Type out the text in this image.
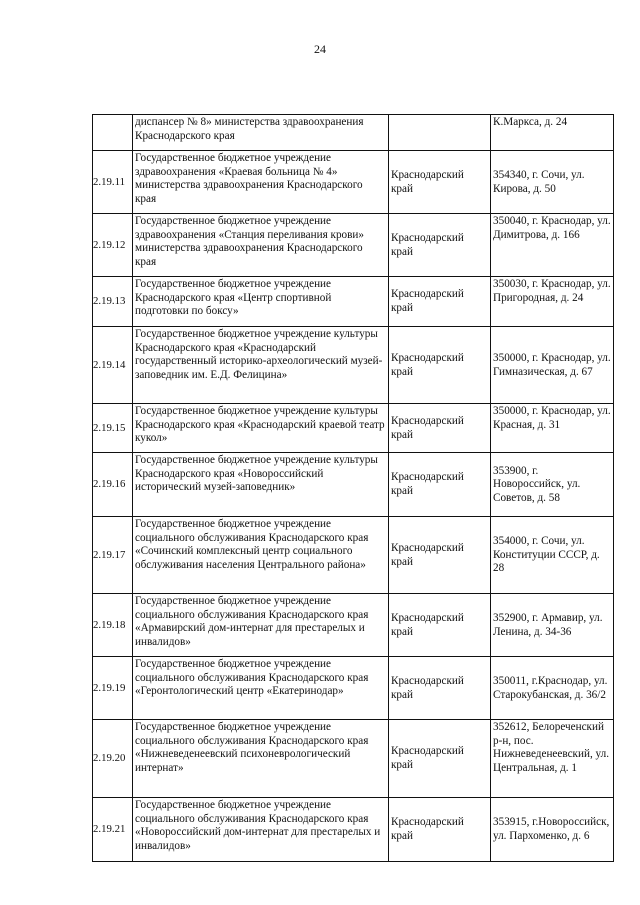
24
	диспансер № 8» министерства здравоохранения Краснодарского края		К.Маркса, д. 24
2.19.11	Государственное бюджетное учреждение здравоохранения «Краевая больница № 4» министерства здравоохранения Краснодарского края	Краснодарский край	354340, г. Сочи, ул. Кирова, д. 50
2.19.12	Государственное бюджетное учреждение здравоохранения «Станция переливания крови» министерства здравоохранения Краснодарского края	Краснодарский край	350040, г. Краснодар, ул. Димитрова, д. 166
2.19.13	Государственное бюджетное учреждение Краснодарского края «Центр спортивной подготовки по боксу»	Краснодарский край	350030, г. Краснодар, ул. Пригородная, д. 24
2.19.14	Государственное бюджетное учреждение культуры Краснодарского края «Краснодарский государственный историко-археологический музей-заповедник им. Е.Д. Фелицина»	Краснодарский край	350000, г. Краснодар, ул. Гимназическая, д. 67
2.19.15	Государственное бюджетное учреждение культуры Краснодарского края «Краснодарский краевой театр кукол»	Краснодарский край	350000, г. Краснодар, ул. Красная, д. 31
2.19.16	Государственное бюджетное учреждение культуры Краснодарского края «Новороссийский исторический музей-заповедник»	Краснодарский край	353900, г. Новороссийск, ул. Советов, д. 58
2.19.17	Государственное бюджетное учреждение социального обслуживания Краснодарского края «Сочинский комплексный центр социального обслуживания населения Центрального района»	Краснодарский край	354000, г. Сочи, ул. Конституции СССР, д. 28
2.19.18	Государственное бюджетное учреждение социального обслуживания Краснодарского края «Армавирский дом-интернат для престарелых и инвалидов»	Краснодарский край	352900, г. Армавир, ул. Ленина, д. 34-36
2.19.19	Государственное бюджетное учреждение социального обслуживания Краснодарского края «Геронтологический центр «Екатеринодар»	Краснодарский край	350011, г.Краснодар, ул. Старокубанская, д. 36/2
2.19.20	Государственное бюджетное учреждение социального обслуживания Краснодарского края «Нижневеденеевский психоневрологический интернат»	Краснодарский край	352612, Белореченский р-н, пос. Нижневеденеевский, ул. Центральная, д. 1
2.19.21	Государственное бюджетное учреждение социального обслуживания Краснодарского края «Новороссийский дом-интернат для престарелых и инвалидов»	Краснодарский край	353915, г.Новороссийск, ул. Пархоменко, д. 6
